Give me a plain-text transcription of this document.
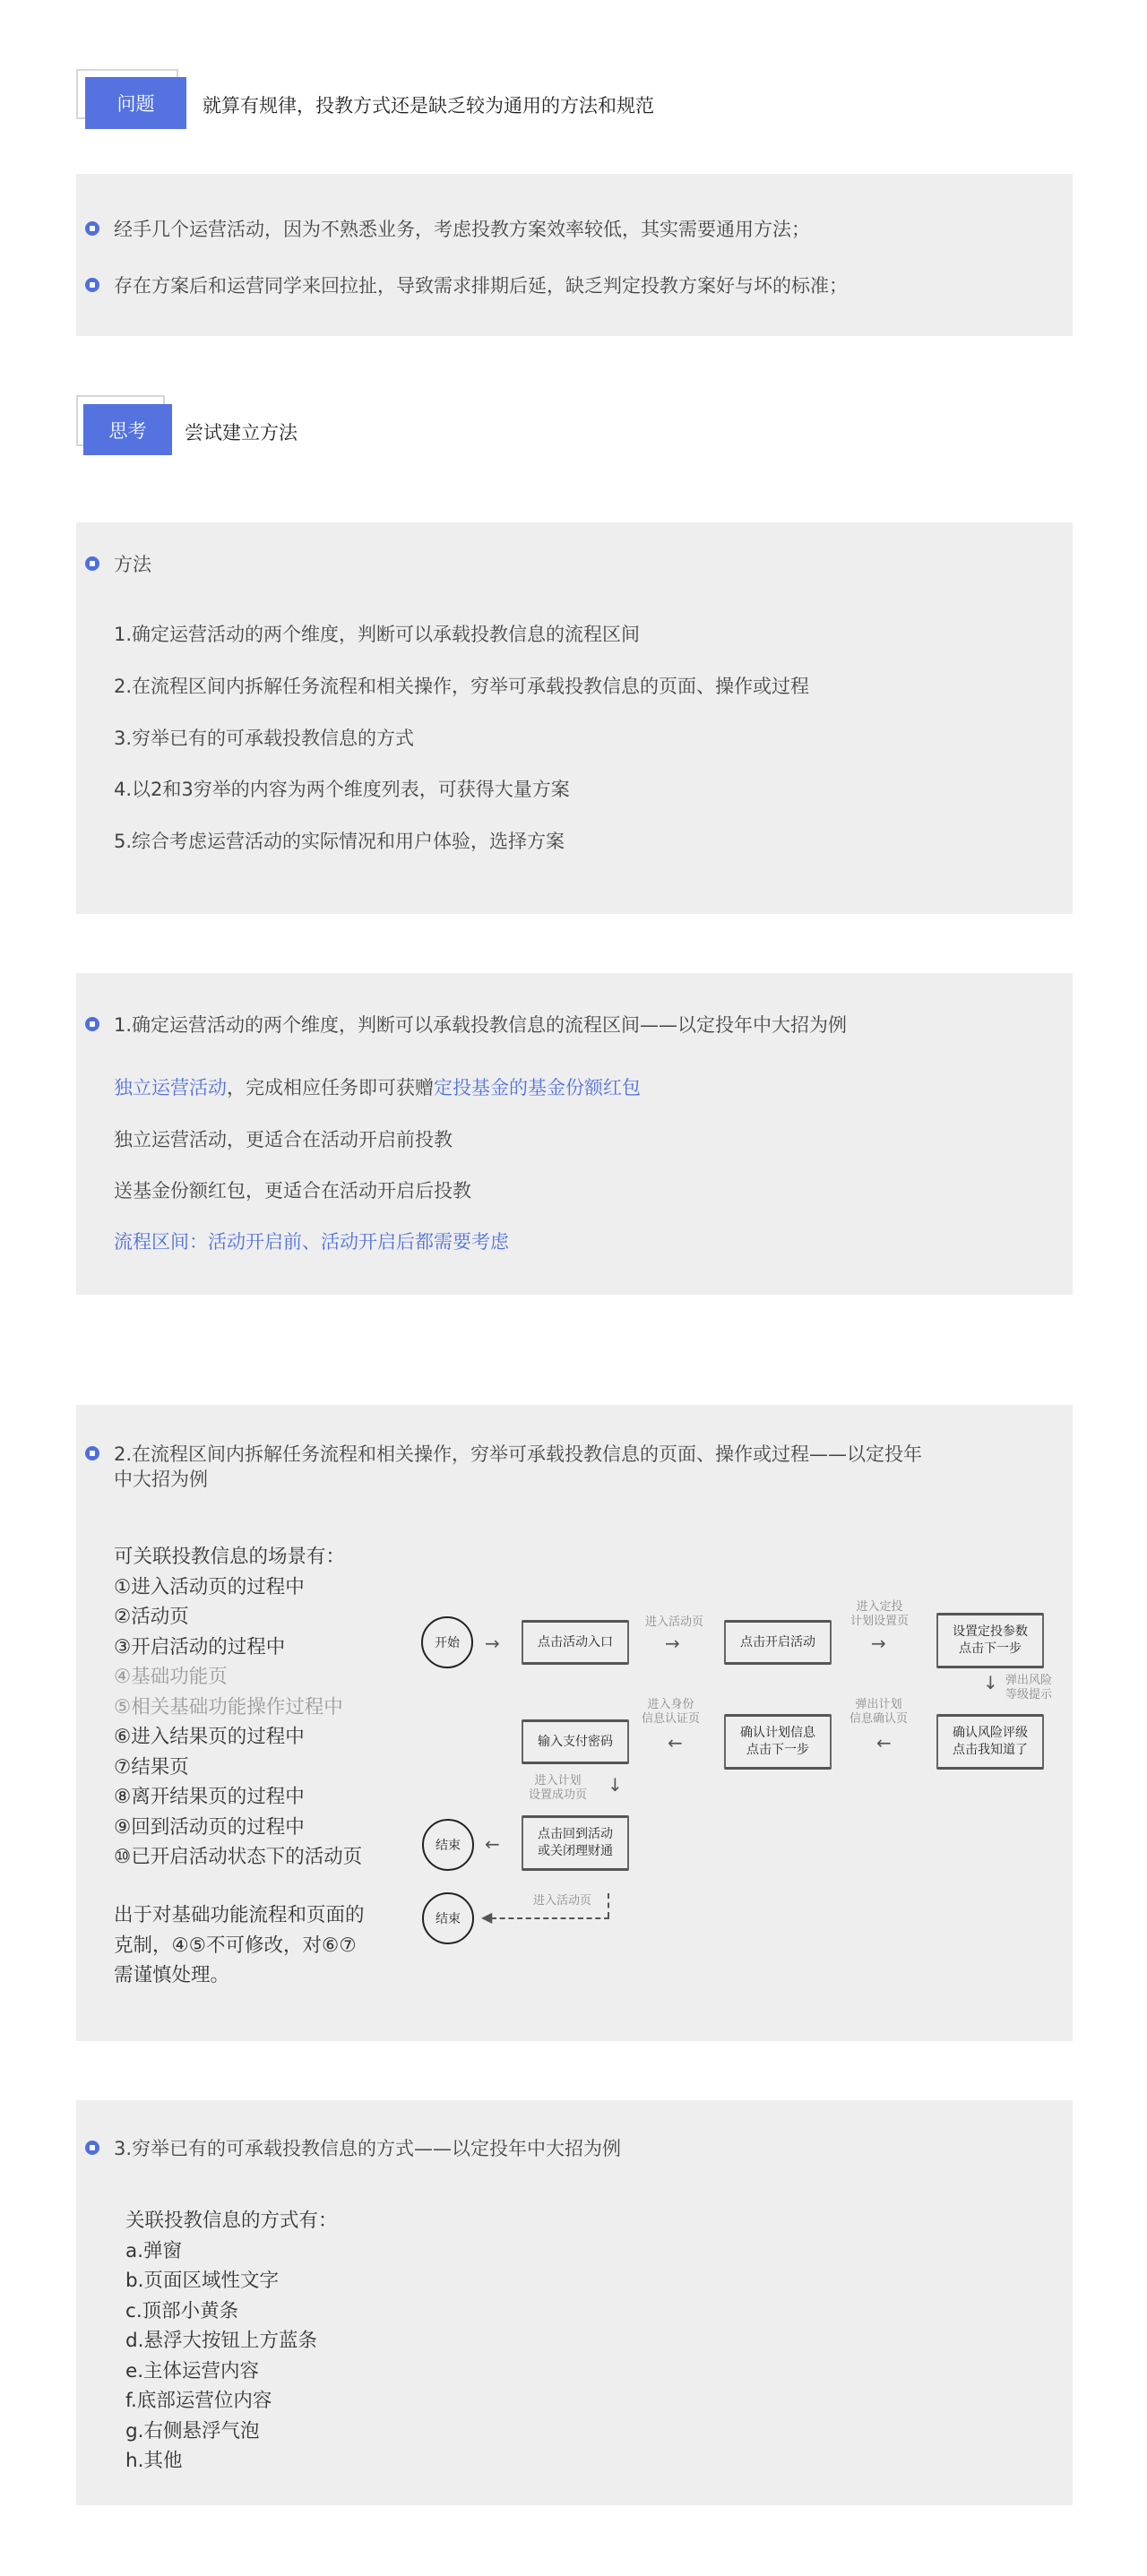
问题	就算有规律，投教方式还是缺乏较为通用的方法和规范
经手几个运营活动，因为不熟悉业务，考虑投教方案效率较低，其实需要通用方法；
存在方案后和运营同学来回拉扯，导致需求排期后延，缺乏判定投教方案好与坏的标准；
思考	尝试建立方法
方法
1.确定运营活动的两个维度，判断可以承载投教信息的流程区间
2.在流程区间内拆解任务流程和相关操作，穷举可承载投教信息的页面、操作或过程
3.穷举已有的可承载投教信息的方式
4.以2和3穷举的内容为两个维度列表，可获得大量方案
5.综合考虑运营活动的实际情况和用户体验，选择方案
1.确定运营活动的两个维度，判断可以承载投教信息的流程区间——以定投年中大招为例
独立运营活动，完成相应任务即可获赠定投基金的基金份额红包
独立运营活动，更适合在活动开启前投教
送基金份额红包，更适合在活动开启后投教
流程区间：活动开启前、活动开启后都需要考虑
2.在流程区间内拆解任务流程和相关操作，穷举可承载投教信息的页面、操作或过程——以定投年
中大招为例
可关联投教信息的场景有：
①进入活动页的过程中
②活动页
③开启活动的过程中
④基础功能页
⑤相关基础功能操作过程中
⑥进入结果页的过程中
⑦结果页
⑧离开结果页的过程中
⑨回到活动页的过程中
⑩已开启活动状态下的活动页
出于对基础功能流程和页面的
克制，④⑤不可修改，对⑥⑦
需谨慎处理。
开始	→	点击活动入口
进入活动页
→	点击开启活动
进入定投
计划设置页
→
设置定投参数
点击下一步
↓ 弹出风险
等级提示
确认风险评级
点击我知道了
弹出计划
信息确认页
←
确认计划信息
点击下一步
进入身份
信息认证页
←
输入支付密码
进入计划
设置成功页 ↓
点击回到活动
或关闭理财通
←
结束
进入活动页
◀
结束
3.穷举已有的可承载投教信息的方式——以定投年中大招为例
关联投教信息的方式有：
a.弹窗
b.页面区域性文字
c.顶部小黄条
d.悬浮大按钮上方蓝条
e.主体运营内容
f.底部运营位内容
g.右侧悬浮气泡
h.其他
